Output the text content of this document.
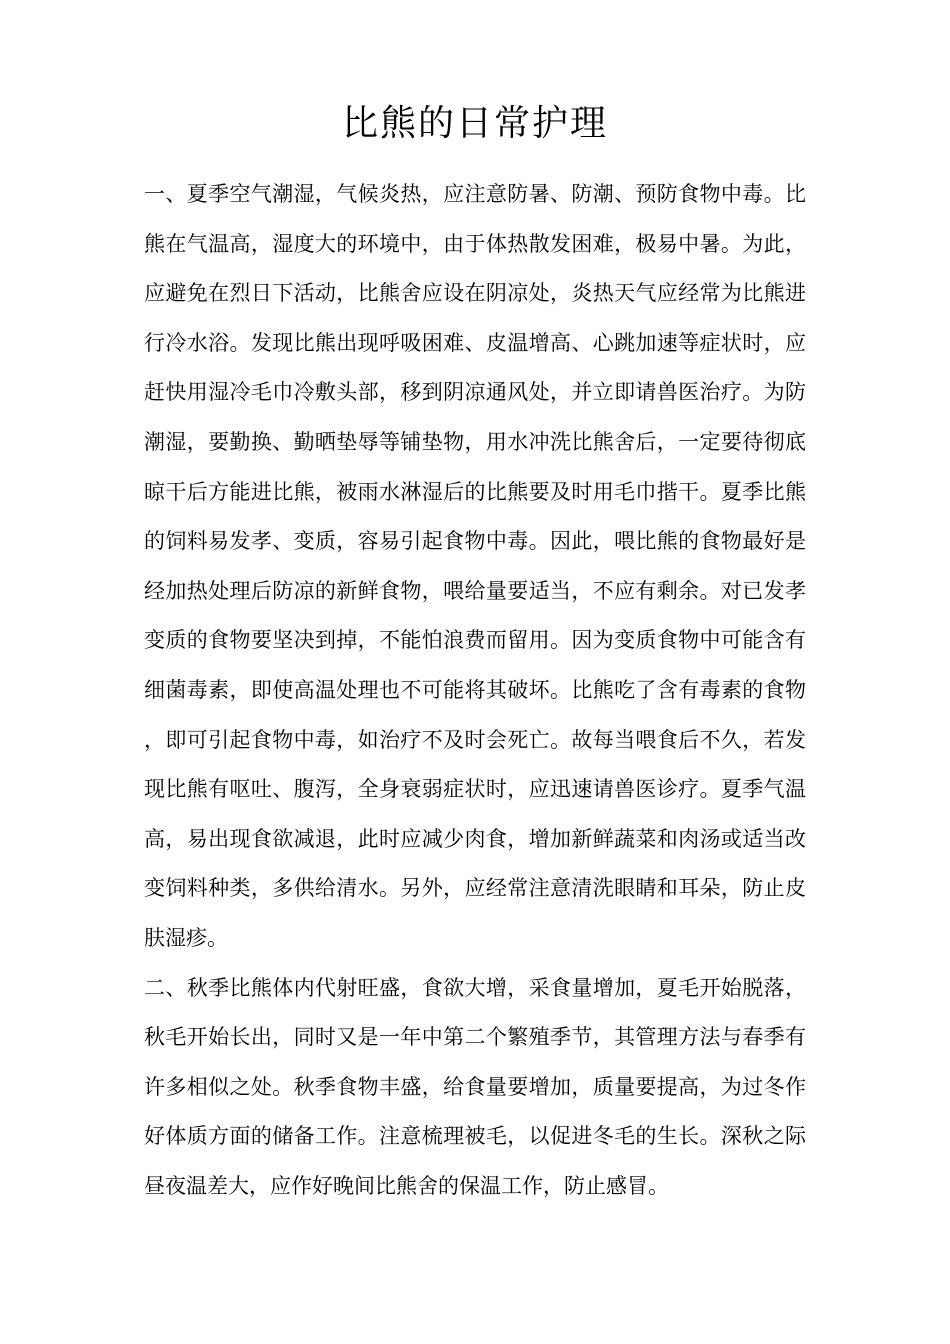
比熊的日常护理

一、夏季空气潮湿，气候炎热，应注意防暑、防潮、预防食物中毒。比熊在气温高，湿度大的环境中，由于体热散发困难，极易中暑。为此，应避免在烈日下活动，比熊舍应设在阴凉处，炎热天气应经常为比熊进行冷水浴。发现比熊出现呼吸困难、皮温增高、心跳加速等症状时，应赶快用湿冷毛巾冷敷头部，移到阴凉通风处，并立即请兽医治疗。为防潮湿，要勤换、勤晒垫辱等铺垫物，用水冲洗比熊舍后，一定要待彻底晾干后方能进比熊，被雨水淋湿后的比熊要及时用毛巾揩干。夏季比熊的饲料易发孝、变质，容易引起食物中毒。因此，喂比熊的食物最好是经加热处理后防凉的新鲜食物，喂给量要适当，不应有剩余。对已发孝变质的食物要坚决到掉，不能怕浪费而留用。因为变质食物中可能含有细菌毒素，即使高温处理也不可能将其破坏。比熊吃了含有毒素的食物，即可引起食物中毒，如治疗不及时会死亡。故每当喂食后不久，若发现比熊有呕吐、腹泻，全身衰弱症状时，应迅速请兽医诊疗。夏季气温高，易出现食欲减退，此时应减少肉食，增加新鲜蔬菜和肉汤或适当改变饲料种类，多供给清水。另外，应经常注意清洗眼睛和耳朵，防止皮肤湿疹。

二、秋季比熊体内代射旺盛，食欲大增，采食量增加，夏毛开始脱落，秋毛开始长出，同时又是一年中第二个繁殖季节，其管理方法与春季有许多相似之处。秋季食物丰盛，给食量要增加，质量要提高，为过冬作好体质方面的储备工作。注意梳理被毛，以促进冬毛的生长。深秋之际昼夜温差大，应作好晚间比熊舍的保温工作，防止感冒。
